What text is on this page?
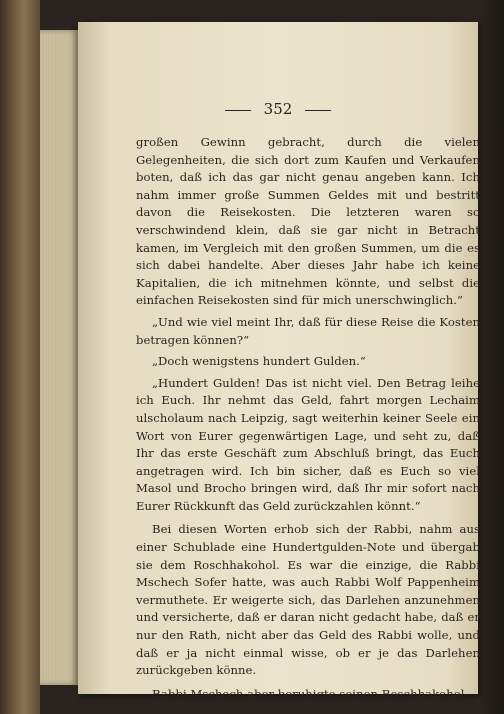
352

großen Gewinn gebracht, durch die vielen Gelegenheiten, die sich dort zum Kaufen und Verkaufen boten, daß ich das gar nicht genau angeben kann. Ich nahm immer große Summen Geldes mit und bestritt davon die Reisekosten. Die letzteren waren so verschwindend klein, daß sie gar nicht in Betracht kamen, im Vergleich mit den großen Summen, um die es sich dabei handelte. Aber dieses Jahr habe ich keine Kapitalien, die ich mitnehmen könnte, und selbst die einfachen Reisekosten sind für mich unerschwinglich.“

„Und wie viel meint Ihr, daß für diese Reise die Kosten betragen können?“

„Doch wenigstens hundert Gulden.“

„Hundert Gulden! Das ist nicht viel. Den Betrag leihe ich Euch. Ihr nehmt das Geld, fahrt morgen Lechaim ulscholaum nach Leipzig, sagt weiterhin keiner Seele ein Wort von Eurer gegenwärtigen Lage, und seht zu, daß Ihr das erste Geschäft zum Abschluß bringt, das Euch angetragen wird. Ich bin sicher, daß es Euch so viel Masol und Brocho bringen wird, daß Ihr mir sofort nach Eurer Rückkunft das Geld zurückzahlen könnt.“

Bei diesen Worten erhob sich der Rabbi, nahm aus einer Schublade eine Hundertgulden-Note und übergab sie dem Roschhakohol. Es war die einzige, die Rabbi Mschech Sofer hatte, was auch Rabbi Wolf Pappenheim vermuthete. Er weigerte sich, das Darlehen anzunehmen und versicherte, daß er daran nicht gedacht habe, daß er nur den Rath, nicht aber das Geld des Rabbi wolle, und daß er ja nicht einmal wisse, ob er je das Darlehen zurückgeben könne.

Rabbi Mschech aber beruhigte seinen Roschhakohol.
